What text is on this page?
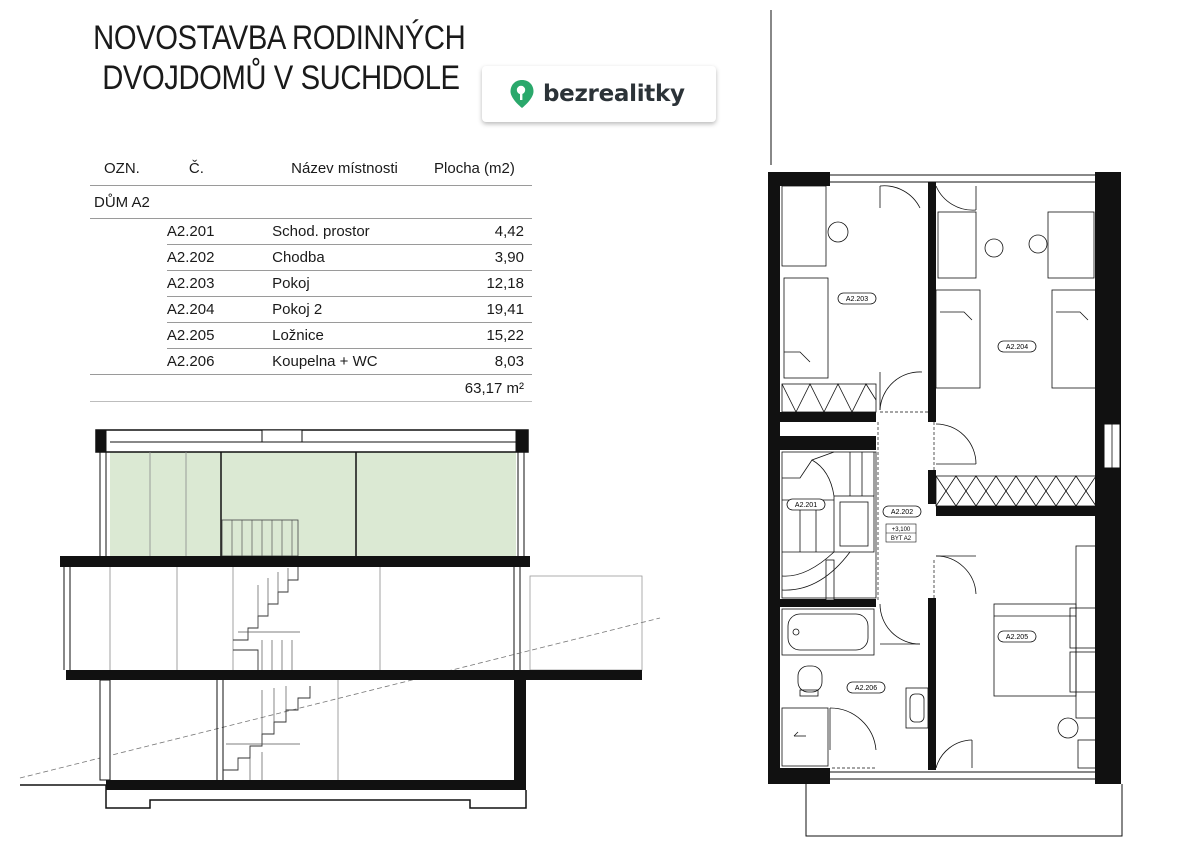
NOVOSTAVBA RODINNÝCH
DVOJDOMŮ V SUCHDOLE	bezrealitky
OZN.	Č.	Název místnosti	Plocha (m2)
DŮM A2			
	A2.201	Schod. prostor	4,42
	A2.202	Chodba	3,90
	A2.203	Pokoj	12,18
	A2.204	Pokoj 2	19,41
	A2.205	Ložnice	15,22
	A2.206	Koupelna + WC	8,03
			63,17 m²
A2.203
A2.204
A2.201
A2.202
+3,100
BYT A2
A2.205
A2.206
